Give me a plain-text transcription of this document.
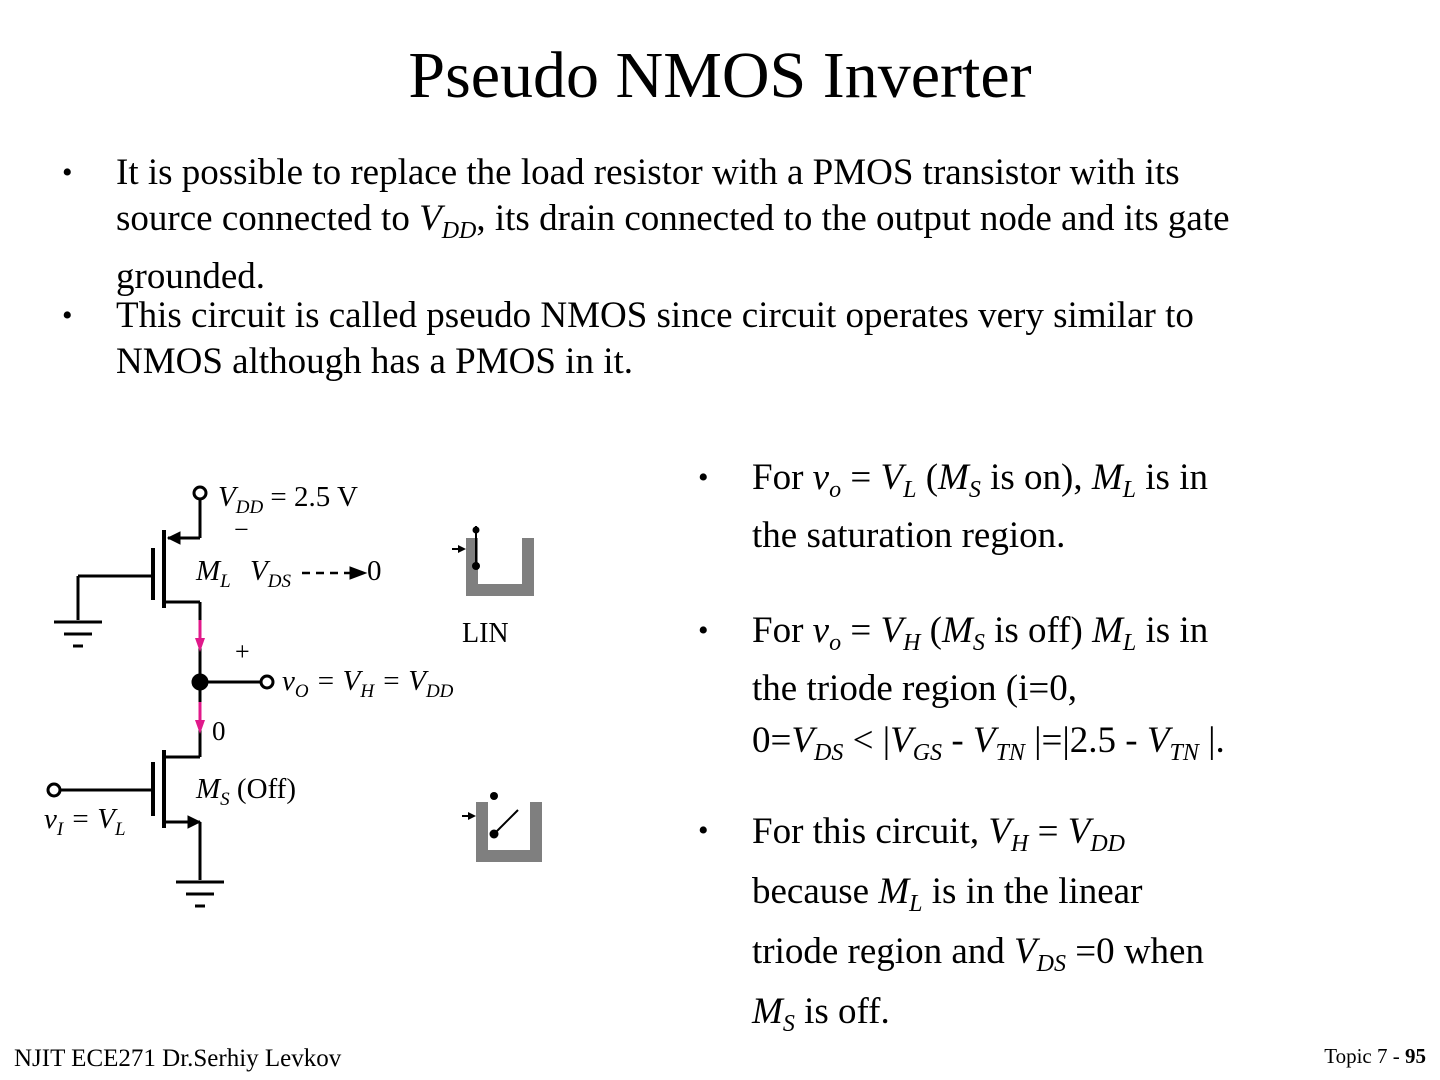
Pseudo NMOS Inverter
• It is possible to replace the load resistor with a PMOS transistor with its
source connected to $V_{DD}$, its drain connected to the output node and its gate
grounded.
• This circuit is called pseudo NMOS since circuit operates very similar to
NMOS although has a PMOS in it.
$V_{DD} = 2.5$ V
−
$M_L$ $V_{DS}$	0
+
$v_O = V_H = V_{DD}$
0
$M_S$ (Off)
$v_I = V_L$
LIN
• For $v_o = V_L$ ($M_S$ is on), $M_L$ is in
the saturation region.
• For $v_o = V_H$ ($M_S$ is off) $M_L$ is in
the triode region (i=0,
$0=V_{DS} < |V_{GS} - V_{TN}$ $|=|2.5 - V_{TN}$ |.
• For this circuit, $V_H = V_{DD}$
because $M_L$ is in the linear
triode region and $V_{DS} =0$ when
$M_S$ is off.
NJIT ECE271 Dr.Serhiy Levkov	Topic 7 - 95
